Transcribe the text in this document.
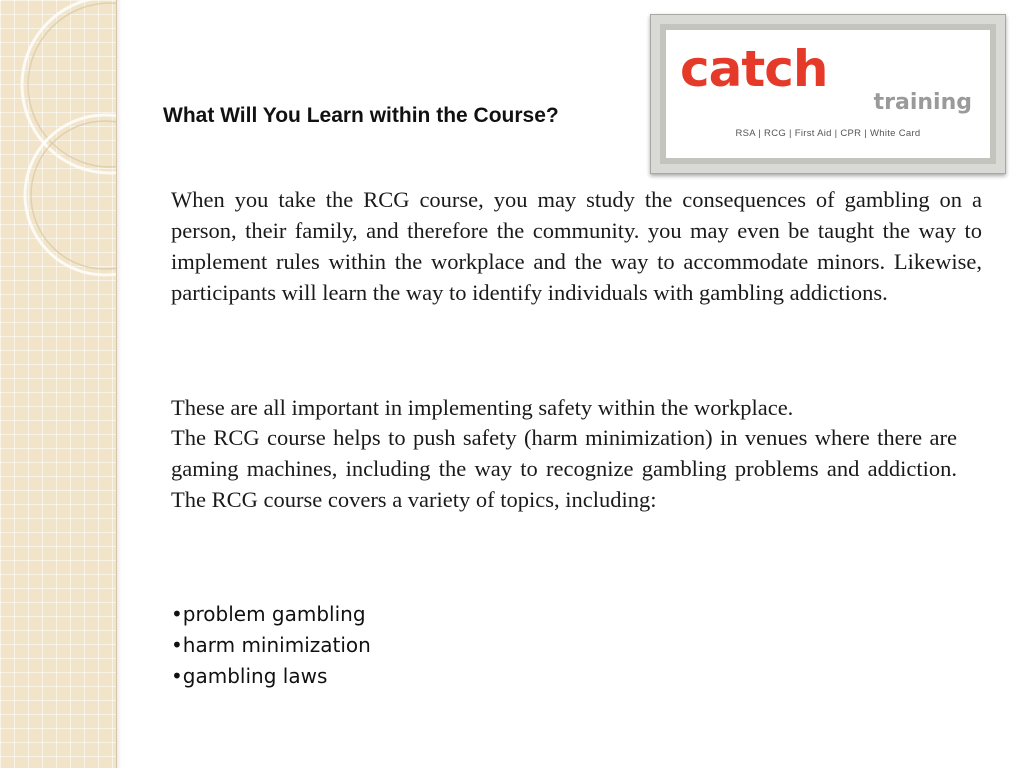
catch
training
RSA | RCG | First Aid | CPR | White Card
What Will You Learn within the Course?

When you take the RCG course, you may study the consequences of gambling on a person, their family, and therefore the community. you may even be taught the way to implement rules within the workplace and the way to accommodate minors. Likewise, participants will learn the way to identify individuals with gambling addictions.

These are all important in implementing safety within the workplace.

The RCG course helps to push safety (harm minimization) in venues where there are gaming machines, including the way to recognize gambling problems and addiction. The RCG course covers a variety of topics, including:

• problem gambling
• harm minimization
• gambling laws
